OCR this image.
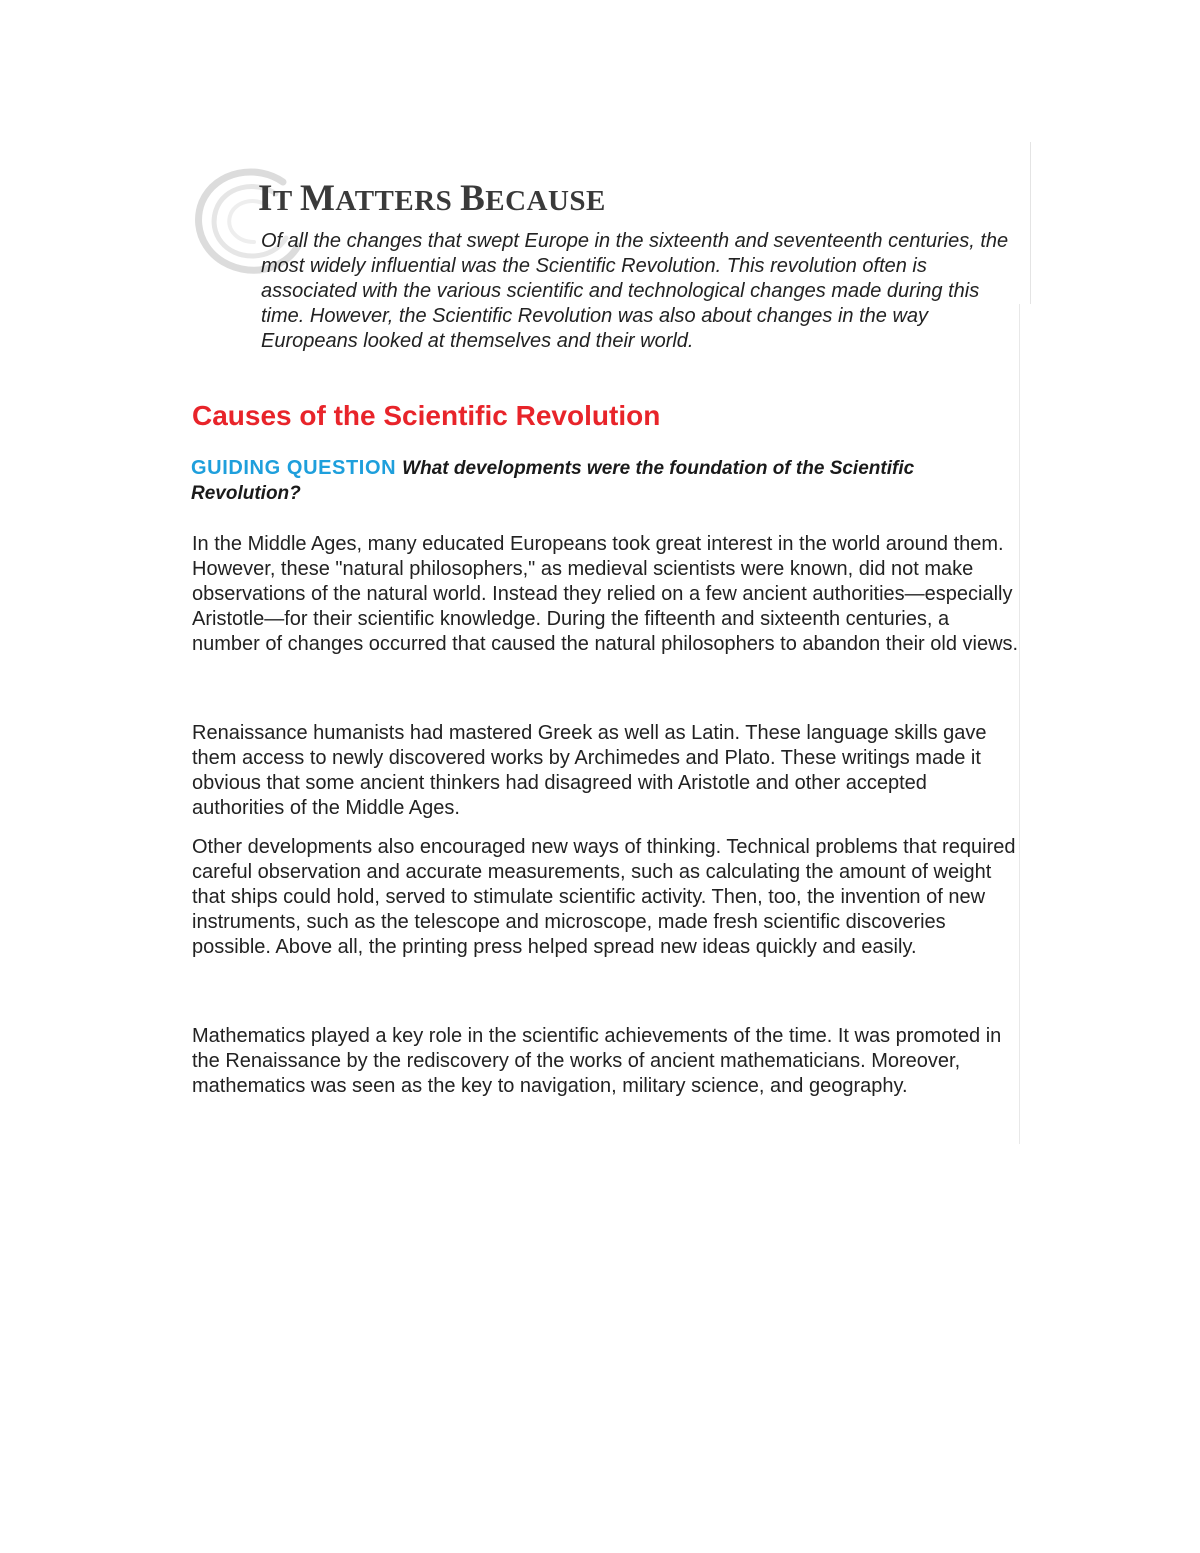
IT MATTERS BECAUSE

Of all the changes that swept Europe in the sixteenth and seventeenth centuries, the most widely influential was the Scientific Revolution. This revolution often is associated with the various scientific and technological changes made during this time. However, the Scientific Revolution was also about changes in the way Europeans looked at themselves and their world.

Causes of the Scientific Revolution

GUIDING QUESTION What developments were the foundation of the Scientific Revolution?

In the Middle Ages, many educated Europeans took great interest in the world around them. However, these "natural philosophers," as medieval scientists were known, did not make observations of the natural world. Instead they relied on a few ancient authorities—especially Aristotle—for their scientific knowledge. During the fifteenth and sixteenth centuries, a number of changes occurred that caused the natural philosophers to abandon their old views.

Renaissance humanists had mastered Greek as well as Latin. These language skills gave them access to newly discovered works by Archimedes and Plato. These writings made it obvious that some ancient thinkers had disagreed with Aristotle and other accepted authorities of the Middle Ages.

Other developments also encouraged new ways of thinking. Technical problems that required careful observation and accurate measurements, such as calculating the amount of weight that ships could hold, served to stimulate scientific activity. Then, too, the invention of new instruments, such as the telescope and microscope, made fresh scientific discoveries possible. Above all, the printing press helped spread new ideas quickly and easily.

Mathematics played a key role in the scientific achievements of the time. It was promoted in the Renaissance by the rediscovery of the works of ancient mathematicians. Moreover, mathematics was seen as the key to navigation, military science, and geography.
